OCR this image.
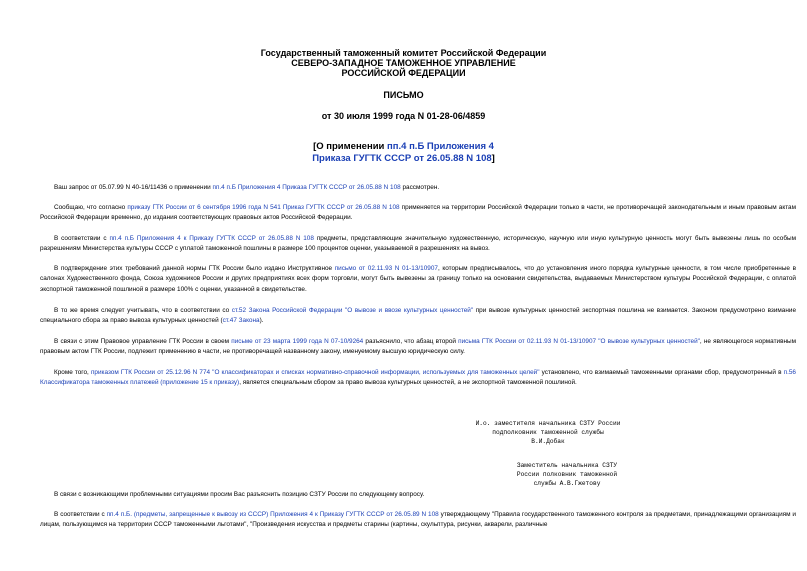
Государственный таможенный комитет Российской Федерации
СЕВЕРО-ЗАПАДНОЕ ТАМОЖЕННОЕ УПРАВЛЕНИЕ
РОССИЙСКОЙ ФЕДЕРАЦИИ
ПИСЬМО
от 30 июля 1999 года N 01-28-06/4859
[О применении пп.4 п.Б Приложения 4
Приказа ГУГТК СССР от 26.05.88 N 108]
Ваш запрос от 05.07.99 N 40-16/11436 о применении пп.4 п.Б Приложения 4 Приказа ГУГТК СССР от 26.05.88 N 108 рассмотрен.
Сообщаю, что согласно приказу ГТК России от 6 сентября 1996 года N 541 Приказ ГУГТК СССР от 26.05.88 N 108 применяется на территории Российской Федерации только в части, не противоречащей законодательным и иным правовым актам Российской Федерации временно, до издания соответствующих правовых актов Российской Федерации.
В соответствии с пп.4 п.Б Приложения 4 к Приказу ГУГТК СССР от 26.05.88 N 108 предметы, представляющие значительную художественную, историческую, научную или иную культурную ценность могут быть вывезены лишь по особым разрешениям Министерства культуры СССР с уплатой таможенной пошлины в размере 100 процентов оценки, указываемой в разрешениях на вывоз.
В подтверждение этих требований данной нормы ГТК России было издано Инструктивное письмо от 02.11.93 N 01-13/10907, которым предписывалось, что до установления иного порядка культурные ценности, в том числе приобретенные в салонах Художественного фонда, Союза художников России и других предприятиях всех форм торговли, могут быть вывезены за границу только на основании свидетельства, выдаваемых Министерством культуры Российской Федерации, с оплатой экспортной таможенной пошлиной в размере 100% с оценки, указанной в свидетельстве.
В то же время следует учитывать, что в соответствии со ст.52 Закона Российской Федерации "О вывозе и ввозе культурных ценностей" при вывозе культурных ценностей экспортная пошлина не взимается. Законом предусмотрено взимание специального сбора за право вывоза культурных ценностей (ст.47 Закона).
В связи с этим Правовое управление ГТК России в своем письме от 23 марта 1999 года N 07-10/9264 разъяснило, что абзац второй письма ГТК России от 02.11.93 N 01-13/10907 "О вывозе культурных ценностей", не являющегося нормативным правовым актом ГТК России, подлежит применению в части, не противоречащей названному закону, именуемому высшую юридическую силу.
Кроме того, приказом ГТК России от 25.12.96 N 774 "О классификаторах и списках нормативно-справочной информации, используемых для таможенных целей" установлено, что взимаемый таможенными органами сбор, предусмотренный в п.56 Классификатора таможенных платежей (приложение 15 к приказу), является специальным сбором за право вывоза культурных ценностей, а не экспортной таможенной пошлиной.
И.о. заместителя начальника СЗТУ России
подполковник таможенной службы
В.И.Добак
Заместитель начальника СЗТУ
России полковник таможенной
службы А.В.Гжетову
В связи с возникающими проблемными ситуациями просим Вас разъяснить позицию СЗТУ России по следующему вопросу.
В соответствии с пп.4 п.Б. (предметы, запрещенные к вывозу из СССР) Приложения 4 к Приказу ГУГТК СССР от 26.05.89 N 108 утверждающему "Правила государственного таможенного контроля за предметами, принадлежащими организациям и лицам, пользующимся на территории СССР таможенными льготами", "Произведения искусства и предметы старины (картины, скульптура, рисунки, акварели, различные
